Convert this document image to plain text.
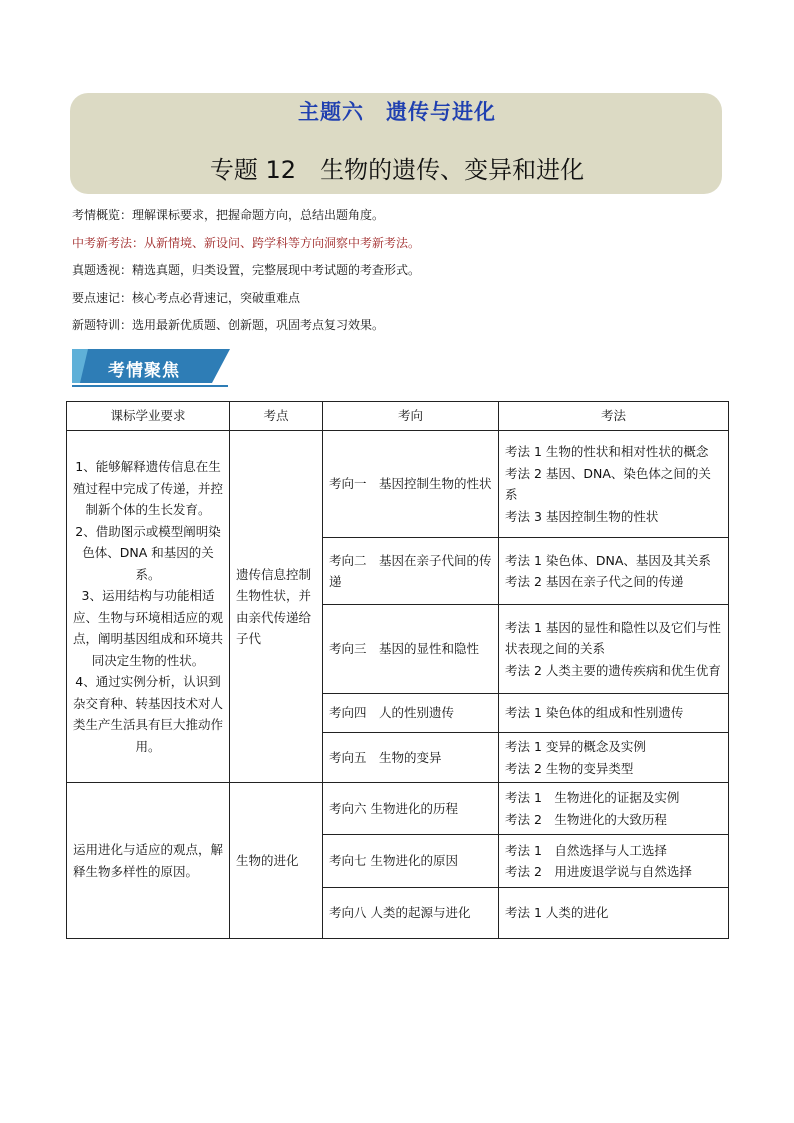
主题六　遗传与进化
专题 12　生物的遗传、变异和进化
考情概览：理解课标要求，把握命题方向，总结出题角度。
中考新考法：从新情境、新设问、跨学科等方向洞察中考新考法。
真题透视：精选真题，归类设置，完整展现中考试题的考查形式。
要点速记：核心考点必背速记，突破重难点
新题特训：选用最新优质题、创新题，巩固考点复习效果。
考情聚焦
课标学业要求	考点	考向	考法

1、能够解释遗传信息在生殖过程中完成了传递，并控制新个体的生长发育。
2、借助图示或模型阐明染色体、DNA 和基因的关系。
3、运用结构与功能相适应、生物与环境相适应的观点，阐明基因组成和环境共同决定生物的性状。
4、通过实例分析，认识到杂交育种、转基因技术对人类生产生活具有巨大推动作用。	遗传信息控制生物性状，并由亲代传递给子代	考向一　基因控制生物的性状	考法 1 生物的性状和相对性状的概念
考法 2 基因、DNA、染色体之间的关系
考法 3 基因控制生物的性状

		考向二　基因在亲子代间的传递	考法 1 染色体、DNA、基因及其关系
考法 2 基因在亲子代之间的传递

		考向三　基因的显性和隐性	考法 1 基因的显性和隐性以及它们与性状表现之间的关系
考法 2 人类主要的遗传疾病和优生优育

		考向四　人的性别遗传	考法 1 染色体的组成和性别遗传

		考向五　生物的变异	考法 1 变异的概念及实例
考法 2 生物的变异类型

运用进化与适应的观点，解释生物多样性的原因。	生物的进化	考向六 生物进化的历程	考法 1　生物进化的证据及实例
考法 2　生物进化的大致历程

		考向七 生物进化的原因	考法 1　自然选择与人工选择
考法 2　用进废退学说与自然选择

		考向八 人类的起源与进化	考法 1 人类的进化
